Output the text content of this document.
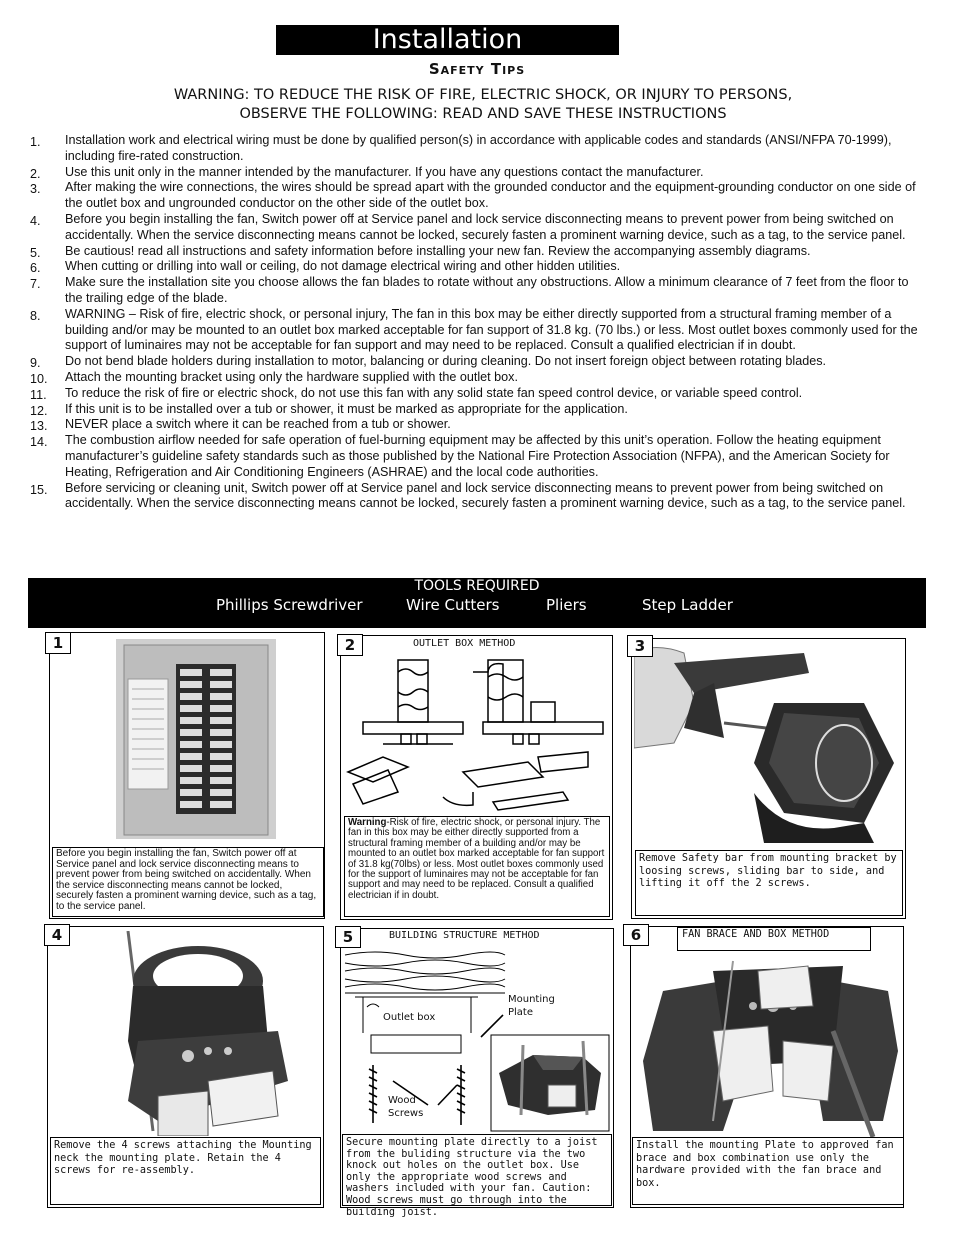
Installation
Safety Tips
WARNING: TO REDUCE THE RISK OF FIRE, ELECTRIC SHOCK, OR INJURY TO PERSONS,
OBSERVE THE FOLLOWING: READ AND SAVE THESE INSTRUCTIONS
1. Installation work and electrical wiring must be done by qualified person(s) in accordance with applicable codes and standards (ANSI/NFPA 70-1999), including fire-rated construction.
2. Use this unit only in the manner intended by the manufacturer. If you have any questions contact the manufacturer.
3. After making the wire connections, the wires should be spread apart with the grounded conductor and the equipment-grounding conductor on one side of the outlet box and ungrounded conductor on the other side of the outlet box.
4. Before you begin installing the fan, Switch power off at Service panel and lock service disconnecting means to prevent power from being switched on accidentally. When the service disconnecting means cannot be locked, securely fasten a prominent warning device, such as a tag, to the service panel.
5. Be cautious! read all instructions and safety information before installing your new fan. Review the accompanying assembly diagrams.
6. When cutting or drilling into wall or ceiling, do not damage electrical wiring and other hidden utilities.
7. Make sure the installation site you choose allows the fan blades to rotate without any obstructions. Allow a minimum clearance of 7 feet from the floor to the trailing edge of the blade.
8. WARNING – Risk of fire, electric shock, or personal injury, The fan in this box may be either directly supported from a structural framing member of a building and/or may be mounted to an outlet box marked acceptable for fan support of 31.8 kg. (70 lbs.) or less. Most outlet boxes commonly used for the support of luminaires may not be acceptable for fan support and may need to be replaced. Consult a qualified electrician if in doubt.
9. Do not bend blade holders during installation to motor, balancing or during cleaning. Do not insert foreign object between rotating blades.
10. Attach the mounting bracket using only the hardware supplied with the outlet box.
11. To reduce the risk of fire or electric shock, do not use this fan with any solid state fan speed control device, or variable speed control.
12. If this unit is to be installed over a tub or shower, it must be marked as appropriate for the application.
13. NEVER place a switch where it can be reached from a tub or shower.
14. The combustion airflow needed for safe operation of fuel-burning equipment may be affected by this unit’s operation. Follow the heating equipment manufacturer’s guideline safety standards such as those published by the National Fire Protection Association (NFPA), and the American Society for Heating, Refrigeration and Air Conditioning Engineers (ASHRAE) and the local code authorities.
15. Before servicing or cleaning unit, Switch power off at Service panel and lock service disconnecting means to prevent power from being switched on accidentally. When the service disconnecting means cannot be locked, securely fasten a prominent warning device, such as a tag, to the service panel.
TOOLS REQUIRED
Phillips Screwdriver	Wire Cutters	Pliers	Step Ladder
Before you begin installing the fan, Switch power off at Service panel and lock service disconnecting means to prevent power from being switched on accidentally. When the service disconnecting means cannot be locked, securely fasten a prominent warning device, such as a tag, to the service panel.
1	OUTLET BOX METHOD
Warning-Risk of fire, electric shock, or personal injury. The fan in this box may be either directly supported from a structural framing member of a building and/or may be mounted to an outlet box marked acceptable for fan support of 31.8 kg(70lbs) or less. Most outlet boxes commonly used for the support of luminaires may not be acceptable for fan support and may need to be replaced. Consult a qualified electrician if in doubt.
2
Remove Safety bar from mounting bracket by loosing screws, sliding bar to side, and lifting it off the 2 screws.
3
Remove the 4 screws attaching the Mounting neck the mounting plate. Retain the 4 screws for re-assembly.
4	BUILDING STRUCTURE METHOD
Mounting Plate
Outlet box
Wood Screws
Secure mounting plate directly to a joist from the buliding structure via the two knock out holes on the outlet box. Use only the appropriate wood screws and washers included with your fan. Caution: Wood screws must go through into the building joist.
5	FAN BRACE AND BOX METHOD
Install the mounting Plate to approved fan brace and box combination use only the hardware provided with the fan brace and box.
6
